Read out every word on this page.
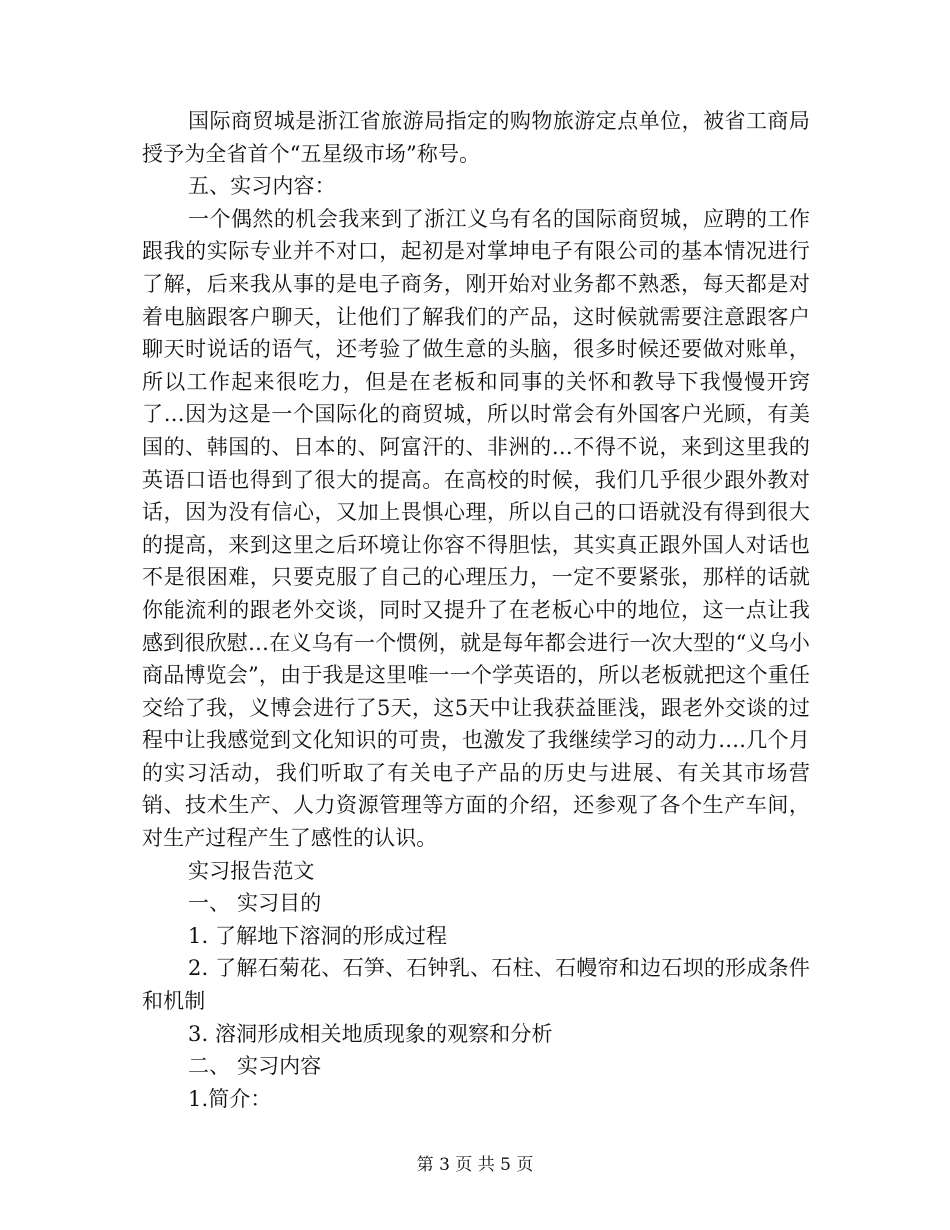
国际商贸城是浙江省旅游局指定的购物旅游定点单位，被省工商局授予为全省首个“五星级市场”称号。

五、实习内容：

一个偶然的机会我来到了浙江义乌有名的国际商贸城，应聘的工作跟我的实际专业并不对口，起初是对掌坤电子有限公司的基本情况进行了解，后来我从事的是电子商务，刚开始对业务都不熟悉，每天都是对着电脑跟客户聊天，让他们了解我们的产品，这时候就需要注意跟客户聊天时说话的语气，还考验了做生意的头脑，很多时候还要做对账单，所以工作起来很吃力，但是在老板和同事的关怀和教导下我慢慢开窍了…因为这是一个国际化的商贸城，所以时常会有外国客户光顾，有美国的、韩国的、日本的、阿富汗的、非洲的…不得不说，来到这里我的英语口语也得到了很大的提高。在高校的时候，我们几乎很少跟外教对话，因为没有信心，又加上畏惧心理，所以自己的口语就没有得到很大的提高，来到这里之后环境让你容不得胆怯，其实真正跟外国人对话也不是很困难，只要克服了自己的心理压力，一定不要紧张，那样的话就你能流利的跟老外交谈，同时又提升了在老板心中的地位，这一点让我感到很欣慰…在义乌有一个惯例，就是每年都会进行一次大型的“义乌小商品博览会”，由于我是这里唯一一个学英语的，所以老板就把这个重任交给了我，义博会进行了5天，这5天中让我获益匪浅，跟老外交谈的过程中让我感觉到文化知识的可贵，也激发了我继续学习的动力….几个月的实习活动，我们听取了有关电子产品的历史与进展、有关其市场营销、技术生产、人力资源管理等方面的介绍，还参观了各个生产车间，对生产过程产生了感性的认识。

实习报告范文

一、 实习目的

1. 了解地下溶洞的形成过程

2. 了解石菊花、石笋、石钟乳、石柱、石幔帘和边石坝的形成条件和机制

3. 溶洞形成相关地质现象的观察和分析

二、 实习内容

1.简介：

第 3 页 共 5 页
